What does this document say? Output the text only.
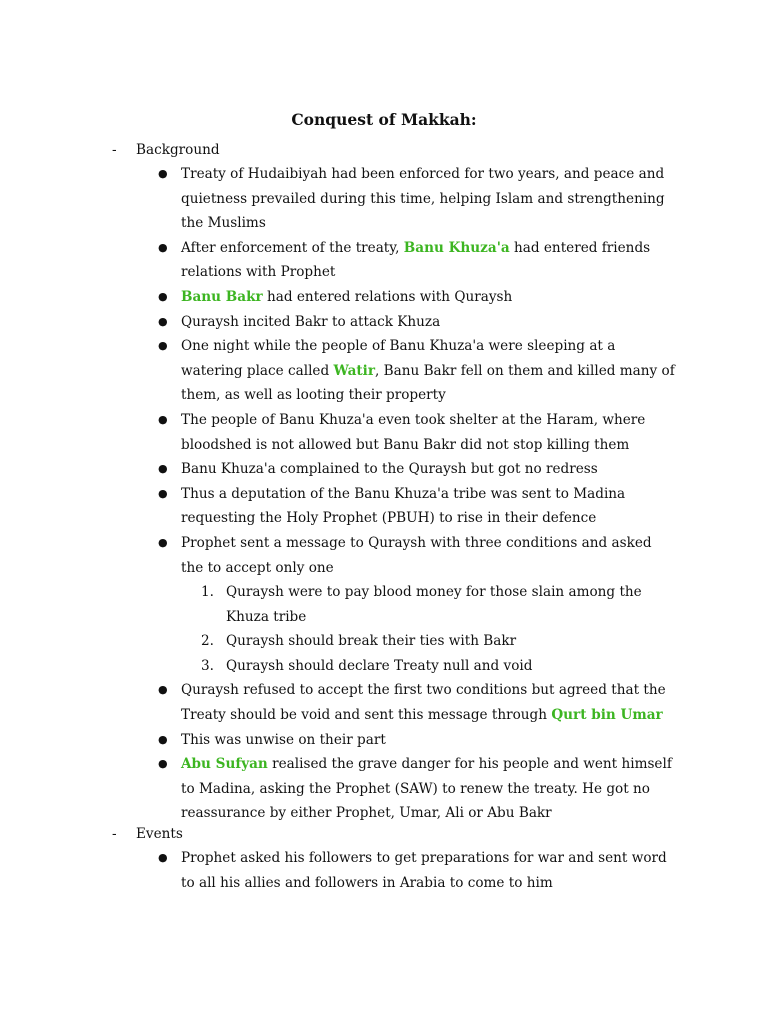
Conquest of Makkah:
- Background
● Treaty of Hudaibiyah had been enforced for two years, and peace and quietness prevailed during this time, helping Islam and strengthening the Muslims
● After enforcement of the treaty, Banu Khuza'a had entered friends relations with Prophet
● Banu Bakr had entered relations with Quraysh
● Quraysh incited Bakr to attack Khuza
● One night while the people of Banu Khuza'a were sleeping at a watering place called Watir, Banu Bakr fell on them and killed many of them, as well as looting their property
● The people of Banu Khuza'a even took shelter at the Haram, where bloodshed is not allowed but Banu Bakr did not stop killing them
● Banu Khuza'a complained to the Quraysh but got no redress
● Thus a deputation of the Banu Khuza'a tribe was sent to Madina requesting the Holy Prophet (PBUH) to rise in their defence
● Prophet sent a message to Quraysh with three conditions and asked the to accept only one
1. Quraysh were to pay blood money for those slain among the Khuza tribe
2. Quraysh should break their ties with Bakr
3. Quraysh should declare Treaty null and void
● Quraysh refused to accept the first two conditions but agreed that the Treaty should be void and sent this message through Qurt bin Umar
● This was unwise on their part
● Abu Sufyan realised the grave danger for his people and went himself to Madina, asking the Prophet (SAW) to renew the treaty. He got no reassurance by either Prophet, Umar, Ali or Abu Bakr
- Events
● Prophet asked his followers to get preparations for war and sent word to all his allies and followers in Arabia to come to him
